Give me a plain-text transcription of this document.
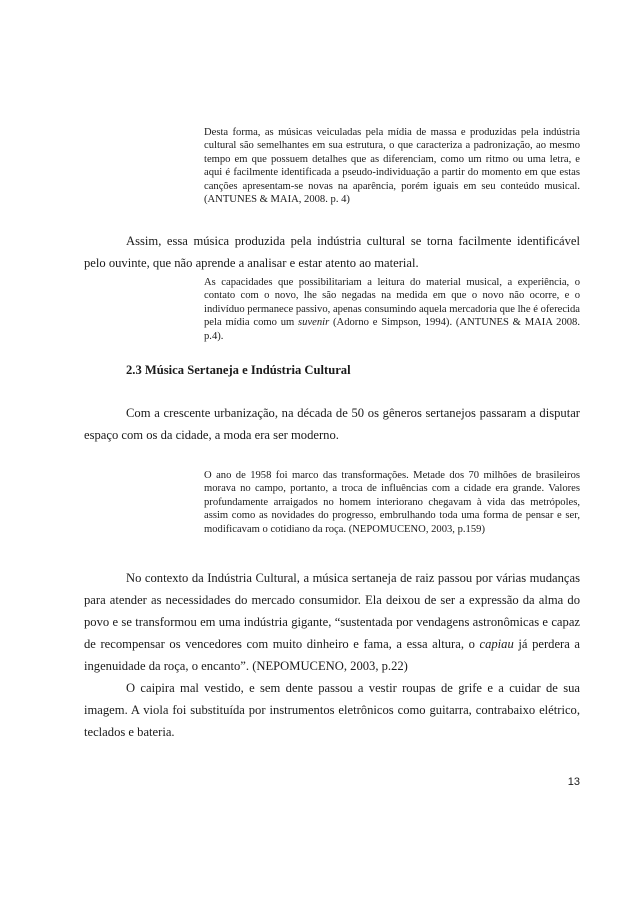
Desta forma, as músicas veiculadas pela mídia de massa e produzidas pela indústria cultural são semelhantes em sua estrutura, o que caracteriza a padronização, ao mesmo tempo em que possuem detalhes que as diferenciam, como um ritmo ou uma letra, e aqui é facilmente identificada a pseudo-individuação a partir do momento em que estas canções apresentam-se novas na aparência, porém iguais em seu conteúdo musical. (ANTUNES & MAIA, 2008. p. 4)
Assim, essa música produzida pela indústria cultural se torna facilmente identificável pelo ouvinte, que não aprende a analisar e estar atento ao material.
As capacidades que possibilitariam a leitura do material musical, a experiência, o contato com o novo, lhe são negadas na medida em que o novo não ocorre, e o indivíduo permanece passivo, apenas consumindo aquela mercadoria que lhe é oferecida pela mídia como um suvenir (Adorno e Simpson, 1994). (ANTUNES & MAIA 2008. p.4).
2.3 Música Sertaneja e Indústria Cultural
Com a crescente urbanização, na década de 50 os gêneros sertanejos passaram a disputar espaço com os da cidade, a moda era ser moderno.
O ano de 1958 foi marco das transformações. Metade dos 70 milhões de brasileiros morava no campo, portanto, a troca de influências com a cidade era grande. Valores profundamente arraigados no homem interiorano chegavam à vida das metrópoles, assim como as novidades do progresso, embrulhando toda uma forma de pensar e ser, modificavam o cotidiano da roça. (NEPOMUCENO, 2003, p.159)
No contexto da Indústria Cultural, a música sertaneja de raiz passou por várias mudanças para atender as necessidades do mercado consumidor. Ela deixou de ser a expressão da alma do povo e se transformou em uma indústria gigante, “sustentada por vendagens astronômicas e capaz de recompensar os vencedores com muito dinheiro e fama, a essa altura, o capiau já perdera a ingenuidade da roça, o encanto”. (NEPOMUCENO, 2003, p.22)
O caipira mal vestido, e sem dente passou a vestir roupas de grife e a cuidar de sua imagem. A viola foi substituída por instrumentos eletrônicos como guitarra, contrabaixo elétrico, teclados e bateria.
13
